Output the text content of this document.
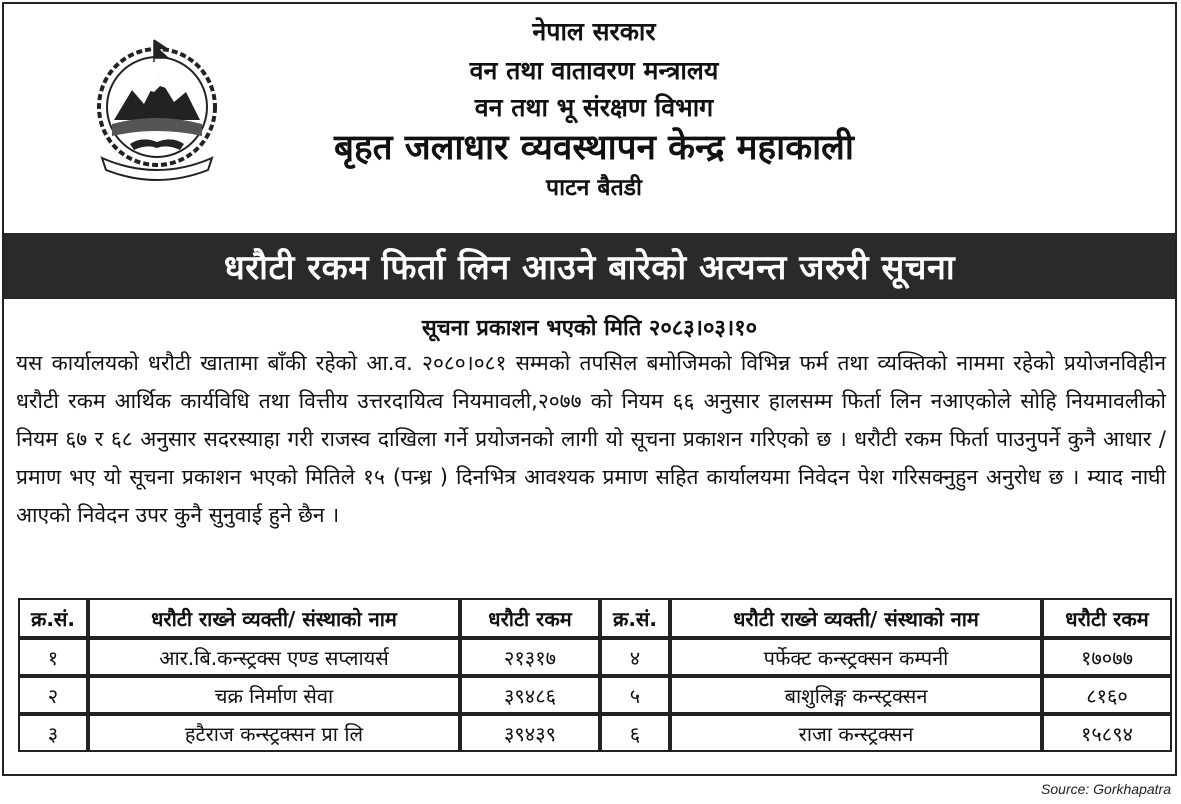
नेपाल सरकार
वन तथा वातावरण मन्त्रालय
वन तथा भू संरक्षण विभाग
बृहत जलाधार व्यवस्थापन केन्द्र महाकाली
पाटन बैतडी
धरौटी रकम फिर्ता लिन आउने बारेको अत्यन्त जरुरी सूचना
सूचना प्रकाशन भएको मिति २०८३।०३।१०

यस कार्यालयको धरौटी खातामा बाँकी रहेको आ.व. २०८०।०८१ सम्मको तपसिल बमोजिमको विभिन्न फर्म तथा व्यक्तिको नाममा रहेको प्रयोजनविहीन धरौटी रकम आर्थिक कार्यविधि तथा वित्तीय उत्तरदायित्व नियमावली,२०७७ को नियम ६६ अनुसार हालसम्म फिर्ता लिन नआएकोले सोहि नियमावलीको नियम ६७ र ६८ अनुसार सदरस्याहा गरी राजस्व दाखिला गर्ने प्रयोजनको लागी यो सूचना प्रकाशन गरिएको छ । धरौटी रकम फिर्ता पाउनुपर्ने कुनै आधार / प्रमाण भए यो सूचना प्रकाशन भएको मितिले १५ (पन्ध्र ) दिनभित्र आवश्यक प्रमाण सहित कार्यालयमा निवेदन पेश गरिसक्नुहुन अनुरोध छ । म्याद नाघी आएको निवेदन उपर कुनै सुनुवाई हुने छैन ।

क्र.सं.	धरौटी राख्ने व्यक्ती/ संस्थाको नाम	धरौटी रकम	क्र.सं.	धरौटी राख्ने व्यक्ती/ संस्थाको नाम	धरौटी रकम
१	आर.बि.कन्स्ट्रक्स एण्ड सप्लायर्स	२१३१७	४	पर्फेक्ट कन्स्ट्रक्सन कम्पनी	१७०७७
२	चक्र निर्माण सेवा	३९४८६	५	बाशुलिङ्ग कन्स्ट्रक्सन	८१६०
३	हटैराज कन्स्ट्रक्सन प्रा लि	३९४३९	६	राजा कन्स्ट्रक्सन	१५८९४
Source: Gorkhapatra
